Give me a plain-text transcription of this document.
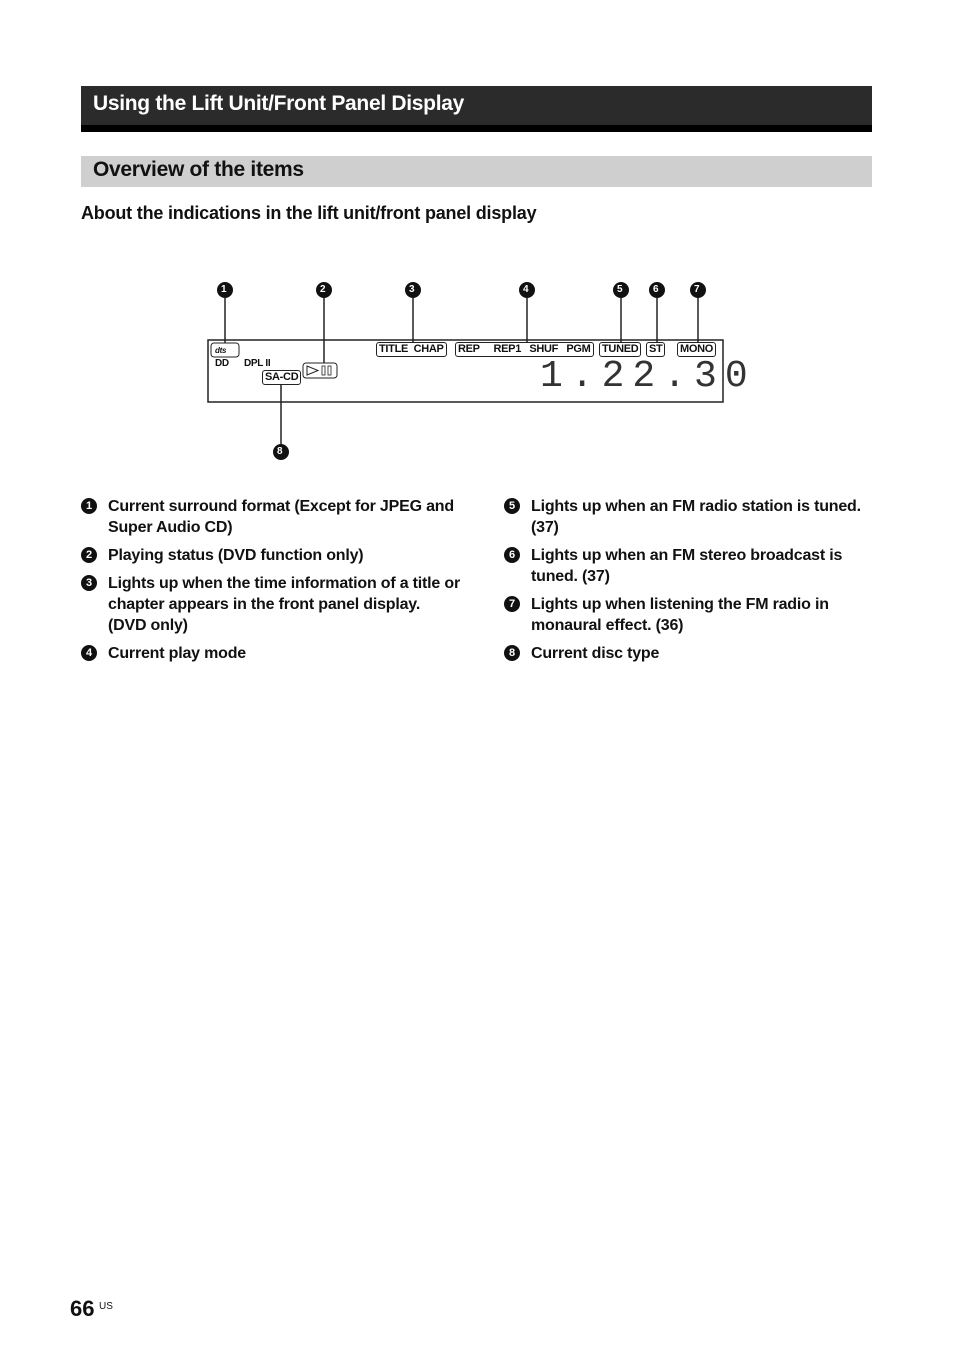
Using the Lift Unit/Front Panel Display
Overview of the items
About the indications in the lift unit/front panel display
1	2	3	4	5	6	7
8
dts
DD DPL II
SA-CD
TITLE CHAP REP REP1 SHUF PGM TUNED ST MONO
1.22.30
1 Current surround format (Except for JPEG and Super Audio CD)
2 Playing status (DVD function only)
3 Lights up when the time information of a title or chapter appears in the front panel display. (DVD only)
4 Current play mode
5 Lights up when an FM radio station is tuned. (37)
6 Lights up when an FM stereo broadcast is tuned. (37)
7 Lights up when listening the FM radio in monaural effect. (36)
8 Current disc type
66 US
